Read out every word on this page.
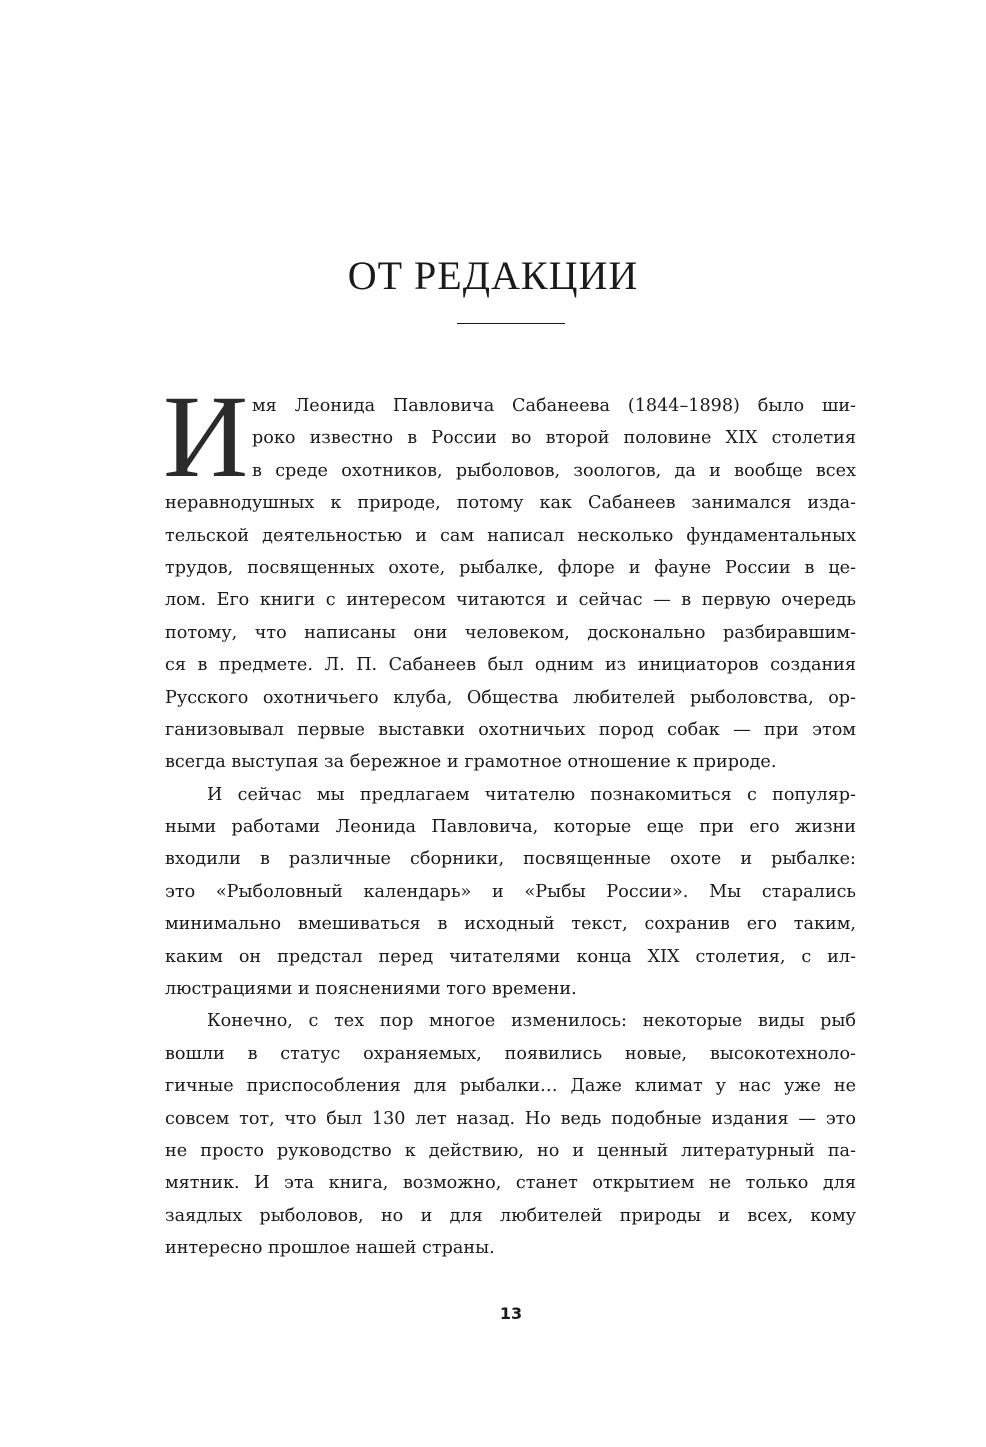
ОТ РЕДАКЦИИ
И мя Леонида Павловича Сабанеева (1844–1898) было ши-
роко известно в России во второй половине XIX столетия
в среде охотников, рыболовов, зоологов, да и вообще всех
неравнодушных к природе, потому как Сабанеев занимался изда-
тельской деятельностью и сам написал несколько фундаментальных
трудов, посвященных охоте, рыбалке, флоре и фауне России в це-
лом. Его книги с интересом читаются и сейчас — в первую очередь
потому, что написаны они человеком, досконально разбиравшим-
ся в предмете. Л. П. Сабанеев был одним из инициаторов создания
Русского охотничьего клуба, Общества любителей рыболовства, ор-
ганизовывал первые выставки охотничьих пород собак — при этом
всегда выступая за бережное и грамотное отношение к природе.
И сейчас мы предлагаем читателю познакомиться с популяр-
ными работами Леонида Павловича, которые еще при его жизни
входили в различные сборники, посвященные охоте и рыбалке:
это «Рыболовный календарь» и «Рыбы России». Мы старались
минимально вмешиваться в исходный текст, сохранив его таким,
каким он предстал перед читателями конца XIX столетия, с ил-
люстрациями и пояснениями того времени.
Конечно, с тех пор многое изменилось: некоторые виды рыб
вошли в статус охраняемых, появились новые, высокотехноло-
гичные приспособления для рыбалки… Даже климат у нас уже не
совсем тот, что был 130 лет назад. Но ведь подобные издания — это
не просто руководство к действию, но и ценный литературный па-
мятник. И эта книга, возможно, станет открытием не только для
заядлых рыболовов, но и для любителей природы и всех, кому
интересно прошлое нашей страны.
13
